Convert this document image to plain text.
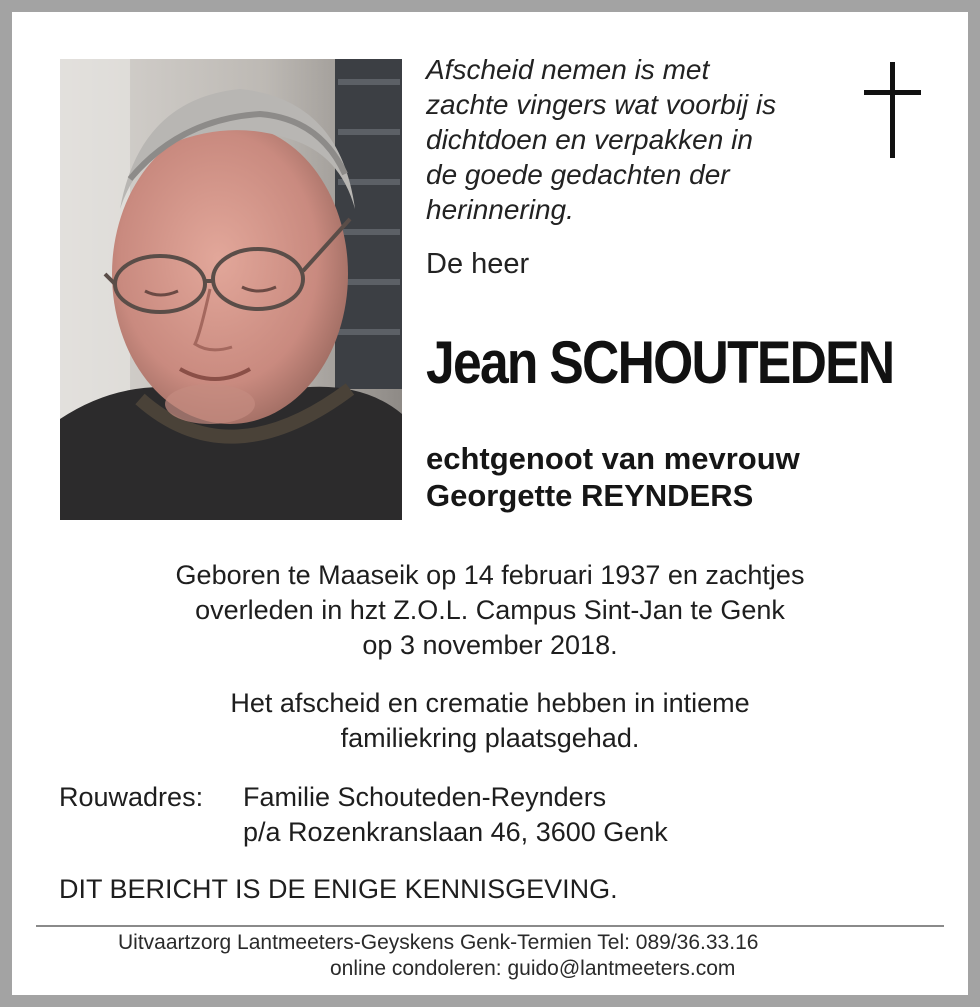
Afscheid nemen is met
zachte vingers wat voorbij is
dichtdoen en verpakken in
de goede gedachten der
herinnering.
De heer
Jean SCHOUTEDEN
echtgenoot van mevrouw
Georgette REYNDERS
Geboren te Maaseik op 14 februari 1937 en zachtjes
overleden in hzt Z.O.L. Campus Sint-Jan te Genk
op 3 november 2018.
Het afscheid en crematie hebben in intieme
familiekring plaatsgehad.
Rouwadres:	Familie Schouteden-Reynders
p/a Rozenkranslaan 46, 3600 Genk
DIT BERICHT IS DE ENIGE KENNISGEVING.
Uitvaartzorg Lantmeeters-Geyskens Genk-Termien Tel: 089/36.33.16
online condoleren: guido@lantmeeters.com
